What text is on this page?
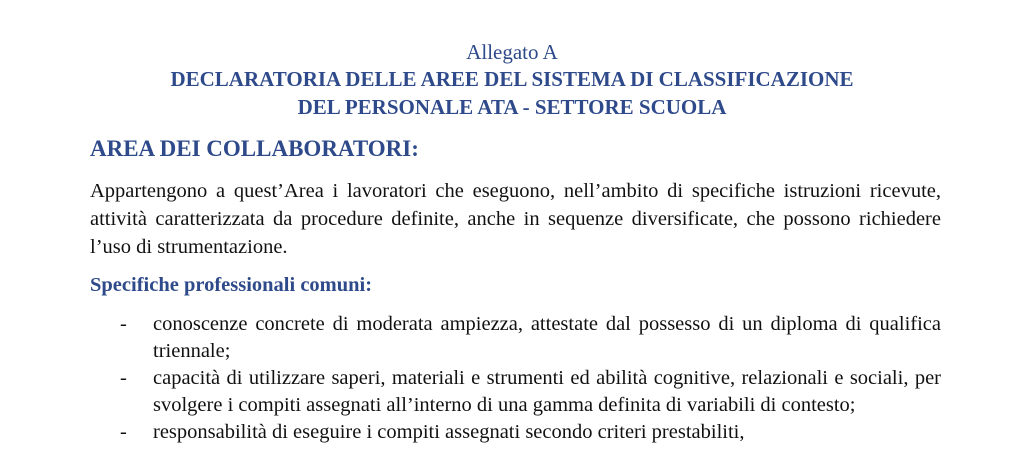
Allegato A
DECLARATORIA DELLE AREE DEL SISTEMA DI CLASSIFICAZIONE
DEL PERSONALE ATA - SETTORE SCUOLA
AREA DEI COLLABORATORI:
Appartengono a quest’Area i lavoratori che eseguono, nell’ambito di specifiche istruzioni ricevute, attività caratterizzata da procedure definite, anche in sequenze diversificate, che possono richiedere l’uso di strumentazione.
Specifiche professionali comuni:
- conoscenze concrete di moderata ampiezza, attestate dal possesso di un diploma di qualifica triennale;
- capacità di utilizzare saperi, materiali e strumenti ed abilità cognitive, relazionali e sociali, per svolgere i compiti assegnati all’interno di una gamma definita di variabili di contesto;
- responsabilità di eseguire i compiti assegnati secondo criteri prestabiliti,
